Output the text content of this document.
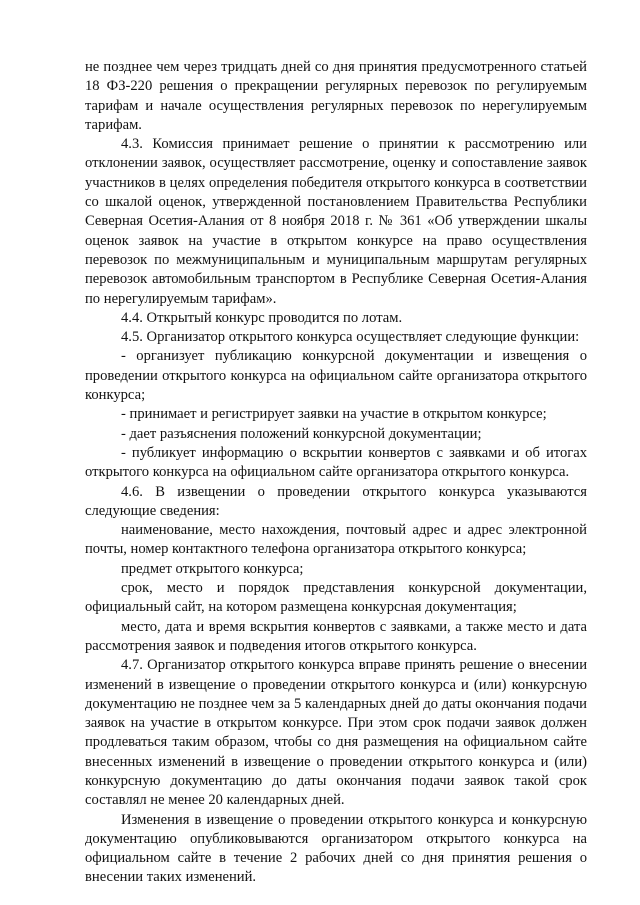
не позднее чем через тридцать дней со дня принятия предусмотренного статьей 18 ФЗ-220 решения о прекращении регулярных перевозок по регулируемым тарифам и начале осуществления регулярных перевозок по нерегулируемым тарифам.

4.3. Комиссия принимает решение о принятии к рассмотрению или отклонении заявок, осуществляет рассмотрение, оценку и сопоставление заявок участников в целях определения победителя открытого конкурса в соответствии со шкалой оценок, утвержденной постановлением Правительства Республики Северная Осетия-Алания от 8 ноября 2018 г. № 361 «Об утверждении шкалы оценок заявок на участие в открытом конкурсе на право осуществления перевозок по межмуниципальным и муниципальным маршрутам регулярных перевозок автомобильным транспортом в Республике Северная Осетия-Алания по нерегулируемым тарифам».

4.4. Открытый конкурс проводится по лотам.

4.5. Организатор открытого конкурса осуществляет следующие функции:

- организует публикацию конкурсной документации и извещения о проведении открытого конкурса на официальном сайте организатора открытого конкурса;

- принимает и регистрирует заявки на участие в открытом конкурсе;

- дает разъяснения положений конкурсной документации;

- публикует информацию о вскрытии конвертов с заявками и об итогах открытого конкурса на официальном сайте организатора открытого конкурса.

4.6. В извещении о проведении открытого конкурса указываются следующие сведения:

наименование, место нахождения, почтовый адрес и адрес электронной почты, номер контактного телефона организатора открытого конкурса;

предмет открытого конкурса;

срок, место и порядок представления конкурсной документации, официальный сайт, на котором размещена конкурсная документация;

место, дата и время вскрытия конвертов с заявками, а также место и дата рассмотрения заявок и подведения итогов открытого конкурса.

4.7. Организатор открытого конкурса вправе принять решение о внесении изменений в извещение о проведении открытого конкурса и (или) конкурсную документацию не позднее чем за 5 календарных дней до даты окончания подачи заявок на участие в открытом конкурсе. При этом срок подачи заявок должен продлеваться таким образом, чтобы со дня размещения на официальном сайте внесенных изменений в извещение о проведении открытого конкурса и (или) конкурсную документацию до даты окончания подачи заявок такой срок составлял не менее 20 календарных дней.

Изменения в извещение о проведении открытого конкурса и конкурсную документацию опубликовываются организатором открытого конкурса на официальном сайте в течение 2 рабочих дней со дня принятия решения о внесении таких изменений.
